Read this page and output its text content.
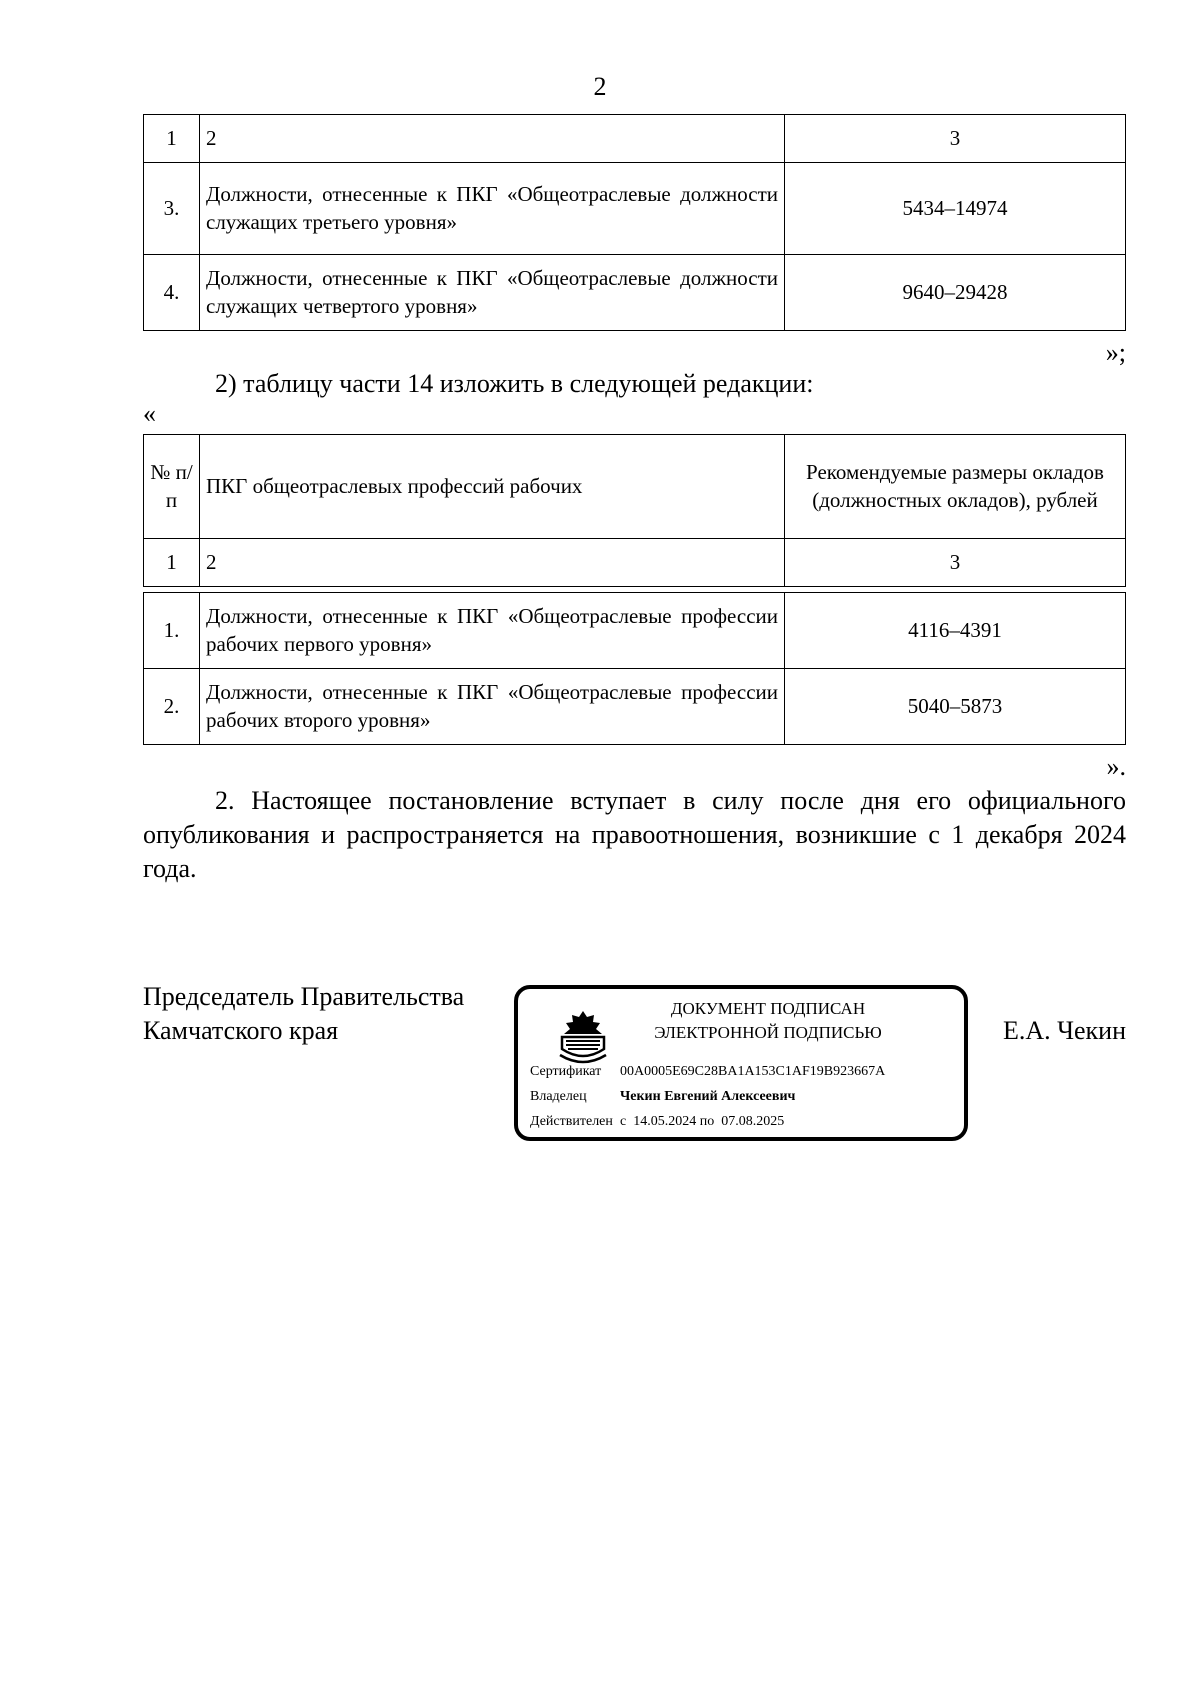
2
1	2	3
3.	Должности, отнесенные к ПКГ «Общеотраслевые должности служащих третьего уровня»	5434–14974
4.	Должности, отнесенные к ПКГ «Общеотраслевые должности служащих четвертого уровня»	9640–29428
»;
2) таблицу части 14 изложить в следующей редакции:
«
№ п/п	ПКГ общеотраслевых профессий рабочих	Рекомендуемые размеры окладов (должностных окладов), рублей
1	2	3
1.	Должности, отнесенные к ПКГ «Общеотраслевые профессии рабочих первого уровня»	4116–4391
2.	Должности, отнесенные к ПКГ «Общеотраслевые профессии рабочих второго уровня»	5040–5873
».
2. Настоящее постановление вступает в силу после дня его официального опубликования и распространяется на правоотношения, возникшие с 1 декабря 2024 года.
Председатель Правительства
Камчатского края
ДОКУМЕНТ ПОДПИСАН
ЭЛЕКТРОННОЙ ПОДПИСЬЮ
Сертификат 00A0005E69C28BA1A153C1AF19B923667A
Владелец Чекин Евгений Алексеевич
Действителен с  14.05.2024 по  07.08.2025
Е.А. Чекин
